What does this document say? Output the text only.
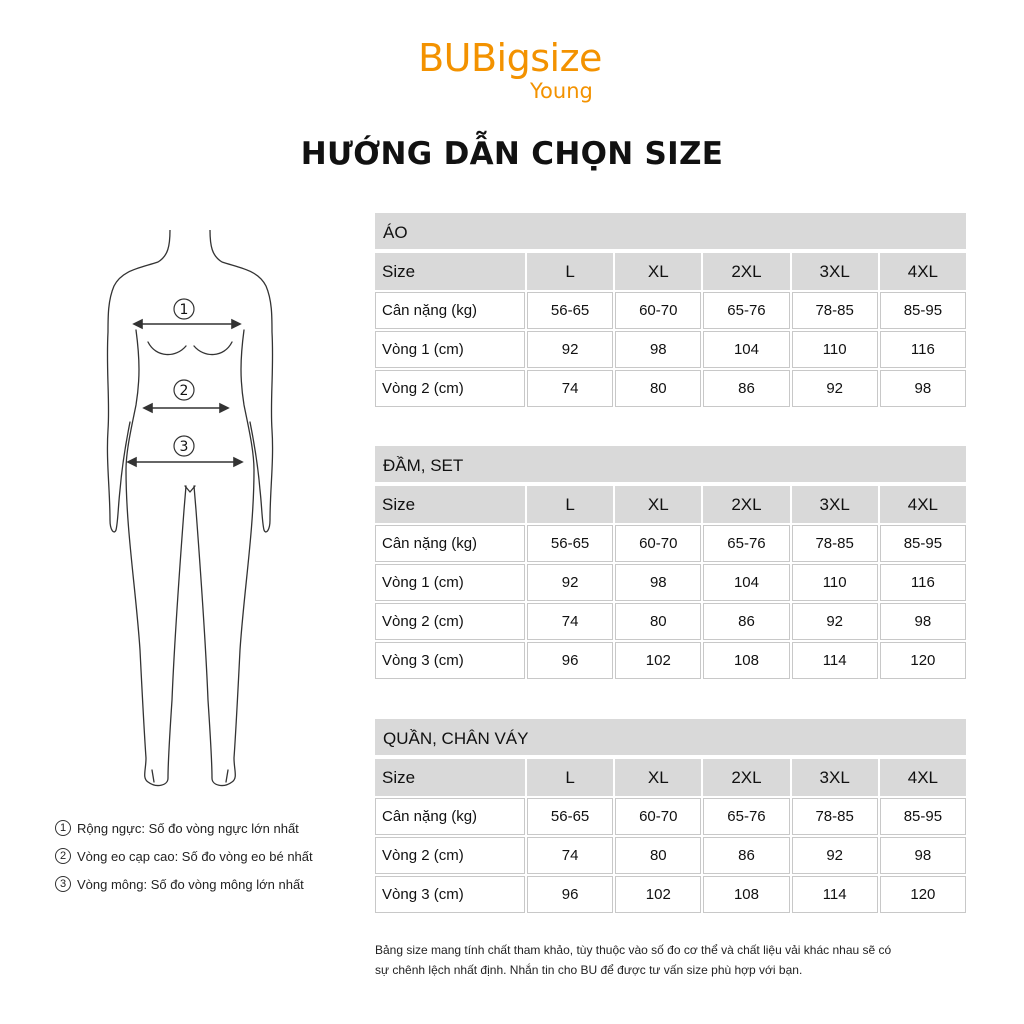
BUBigsize
Young
HƯỚNG DẪN CHỌN SIZE
1
2
3
1 Rộng ngực: Số đo vòng ngực lớn nhất
2 Vòng eo cạp cao: Số đo vòng eo bé nhất
3 Vòng mông: Số đo vòng mông lớn nhất
ÁO
Size	L	XL	2XL	3XL	4XL
Cân nặng (kg)	56-65	60-70	65-76	78-85	85-95
Vòng 1 (cm)	92	98	104	110	116
Vòng 2 (cm)	74	80	86	92	98
ĐẦM, SET
Size	L	XL	2XL	3XL	4XL
Cân nặng (kg)	56-65	60-70	65-76	78-85	85-95
Vòng 1 (cm)	92	98	104	110	116
Vòng 2 (cm)	74	80	86	92	98
Vòng 3 (cm)	96	102	108	114	120
QUẦN, CHÂN VÁY
Size	L	XL	2XL	3XL	4XL
Cân nặng (kg)	56-65	60-70	65-76	78-85	85-95
Vòng 2 (cm)	74	80	86	92	98
Vòng 3 (cm)	96	102	108	114	120
Bảng size mang tính chất tham khảo, tùy thuộc vào số đo cơ thể và chất liệu vải khác nhau sẽ có
sự chênh lệch nhất định. Nhắn tin cho BU để được tư vấn size phù hợp với bạn.
